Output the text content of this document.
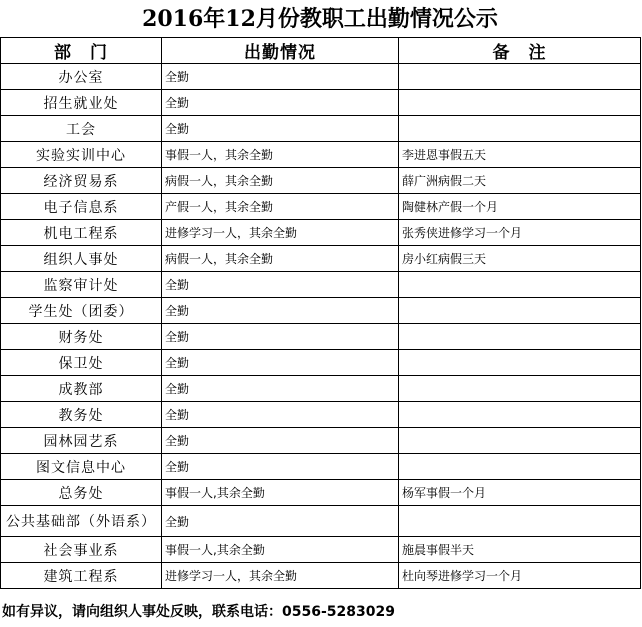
2016年12月份教职工出勤情况公示
部　门	出勤情况	备　注
办公室	全勤	
招生就业处	全勤	
工会	全勤	
实验实训中心	事假一人，其余全勤	李进恩事假五天
经济贸易系	病假一人，其余全勤	薛广洲病假二天
电子信息系	产假一人，其余全勤	陶健林产假一个月
机电工程系	进修学习一人，其余全勤	张秀侠进修学习一个月
组织人事处	病假一人，其余全勤	房小红病假三天
监察审计处	全勤	
学生处（团委）	全勤	
财务处	全勤	
保卫处	全勤	
成教部	全勤	
教务处	全勤	
园林园艺系	全勤	
图文信息中心	全勤	
总务处	事假一人,其余全勤	杨军事假一个月
公共基础部（外语系）	全勤	
社会事业系	事假一人,其余全勤	施晨事假半天
建筑工程系	进修学习一人，其余全勤	杜向琴进修学习一个月
如有异议，请向组织人事处反映，联系电话：0556-5283029
